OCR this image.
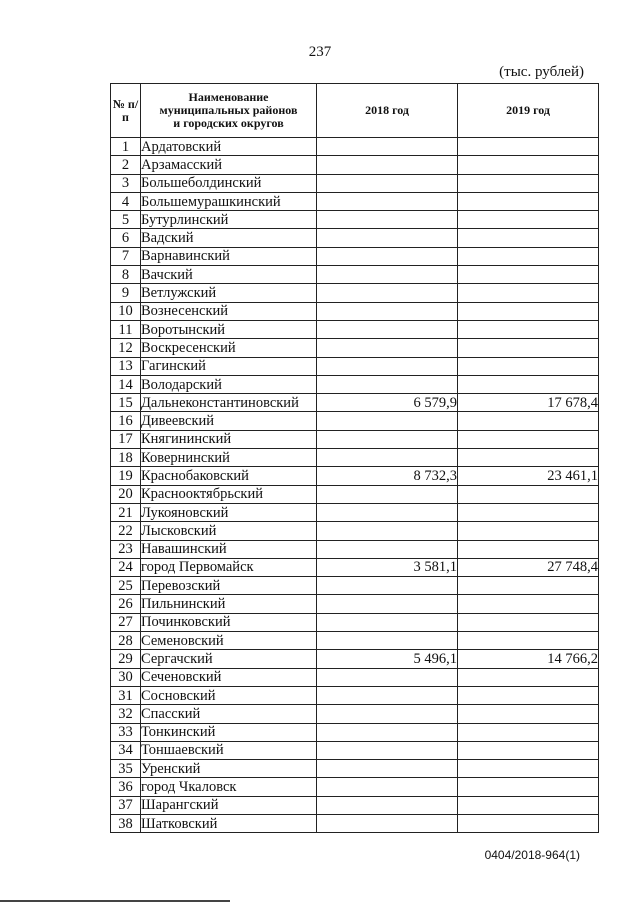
237
(тыс. рублей)
№ п/п	Наименование муниципальных районов и городских округов	2018 год	2019 год
1	Ардатовский		
2	Арзамасский		
3	Большеболдинский		
4	Большемурашкинский		
5	Бутурлинский		
6	Вадский		
7	Варнавинский		
8	Вачский		
9	Ветлужский		
10	Вознесенский		
11	Воротынский		
12	Воскресенский		
13	Гагинский		
14	Володарский		
15	Дальнеконстантиновский	6 579,9	17 678,4
16	Дивеевский		
17	Княгининский		
18	Ковернинский		
19	Краснобаковский	8 732,3	23 461,1
20	Краснооктябрьский		
21	Лукояновский		
22	Лысковский		
23	Навашинский		
24	город Первомайск	3 581,1	27 748,4
25	Перевозский		
26	Пильнинский		
27	Починковский		
28	Семеновский		
29	Сергачский	5 496,1	14 766,2
30	Сеченовский		
31	Сосновский		
32	Спасский		
33	Тонкинский		
34	Тоншаевский		
35	Уренский		
36	город Чкаловск		
37	Шарангский		
38	Шатковский		
0404/2018-964(1)
